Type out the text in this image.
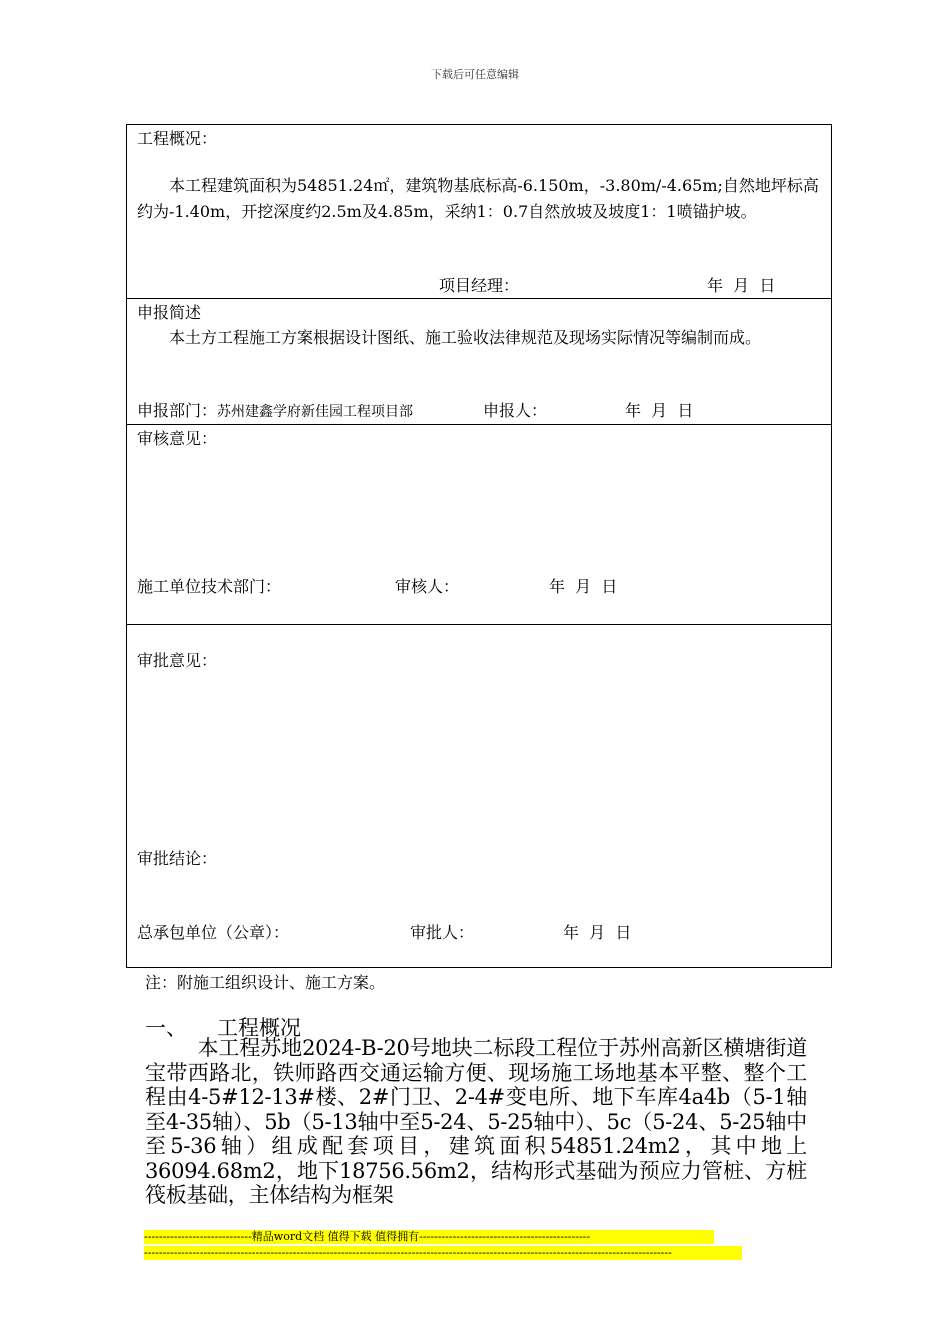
下载后可任意编辑
工程概况：
本工程建筑面积为54851.24㎡，建筑物基底标高-6.150m，-3.80m/-4.65m;自然地坪标高约为-1.40m，开挖深度约2.5m及4.85m，采纳1：0.7自然放坡及坡度1：1喷锚护坡。
项目经理：	年  月  日
申报简述
本土方工程施工方案根据设计图纸、施工验收法律规范及现场实际情况等编制而成。
申报部门： 苏州建鑫学府新佳园工程项目部	申报人：	年  月  日
审核意见：
施工单位技术部门：	审核人：	年  月  日
审批意见：
审批结论：
总承包单位（公章）：	审批人：	年  月  日
注：附施工组织设计、施工方案。
一、 工程概况
本工程苏地2024-B-20号地块二标段工程位于苏州高新区横塘街道宝带西路北，铁师路西交通运输方便、现场施工场地基本平整、整个工程由4-5#12-13#楼、2#门卫、2-4#变电所、地下车库4a4b（5-1轴至4-35轴）、5b（5-13轴中至5-24、5-25轴中）、5c（5-24、5-25轴中至5-36轴）组成配套项目，建筑面积54851.24m2，其中地上36094.68m2，地下18756.56m2，结构形式基础为预应力管桩、方桩筏板基础，主体结构为框架
-----------------------------精品word文档 值得下载 值得拥有----------------------------------------------
----------------------------------------------------------------------------------------------------------------------------------------------
